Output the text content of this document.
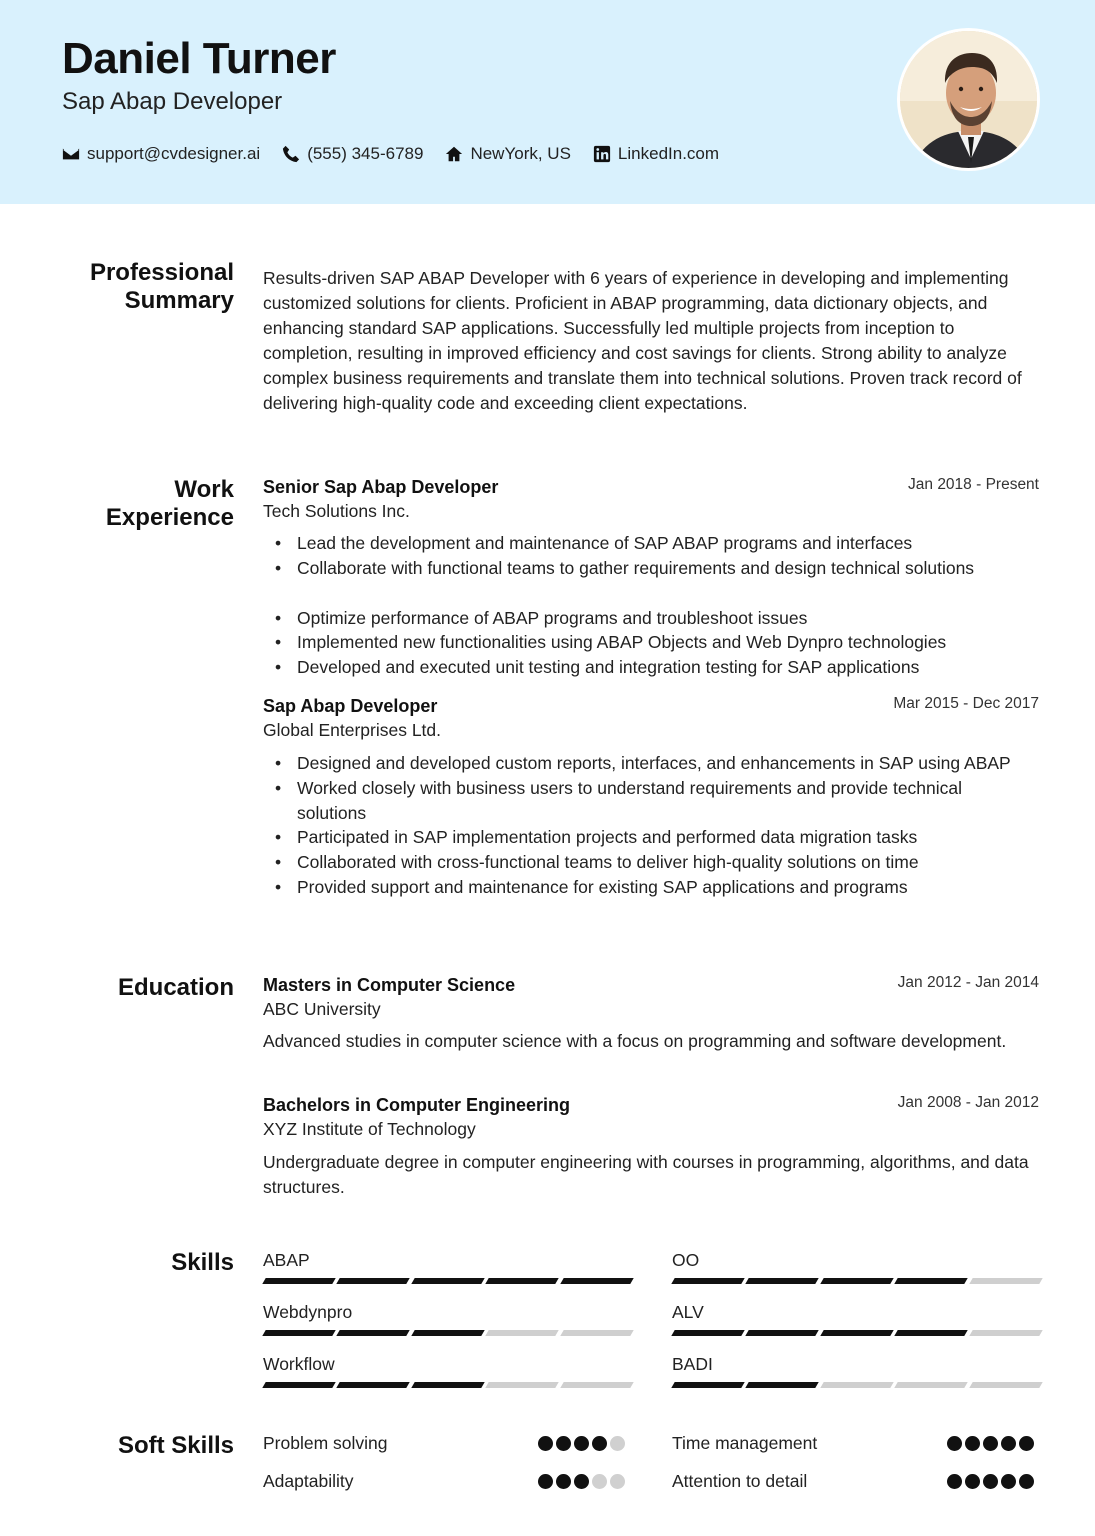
Daniel Turner
Sap Abap Developer
support@cvdesigner.ai	(555) 345-6789	NewYork, US	LinkedIn.com
Professional Summary
Results-driven SAP ABAP Developer with 6 years of experience in developing and implementing customized solutions for clients. Proficient in ABAP programming, data dictionary objects, and enhancing standard SAP applications. Successfully led multiple projects from inception to completion, resulting in improved efficiency and cost savings for clients. Strong ability to analyze complex business requirements and translate them into technical solutions. Proven track record of delivering high-quality code and exceeding client expectations.
Work Experience
Senior Sap Abap Developer	Jan 2018 - Present
Tech Solutions Inc.
• Lead the development and maintenance of SAP ABAP programs and interfaces
• Collaborate with functional teams to gather requirements and design technical solutions
• Optimize performance of ABAP programs and troubleshoot issues
• Implemented new functionalities using ABAP Objects and Web Dynpro technologies
• Developed and executed unit testing and integration testing for SAP applications
Sap Abap Developer	Mar 2015 - Dec 2017
Global Enterprises Ltd.
• Designed and developed custom reports, interfaces, and enhancements in SAP using ABAP
• Worked closely with business users to understand requirements and provide technical solutions
• Participated in SAP implementation projects and performed data migration tasks
• Collaborated with cross-functional teams to deliver high-quality solutions on time
• Provided support and maintenance for existing SAP applications and programs
Education Masters in Computer Science	Jan 2012 - Jan 2014
ABC University
Advanced studies in computer science with a focus on programming and software development.
Bachelors in Computer Engineering	Jan 2008 - Jan 2012
XYZ Institute of Technology
Undergraduate degree in computer engineering with courses in programming, algorithms, and data structures.
Skills ABAP	OO
Webdynpro	ALV
Workflow	BADI
Soft Skills Problem solving	Time management
Adaptability	Attention to detail
